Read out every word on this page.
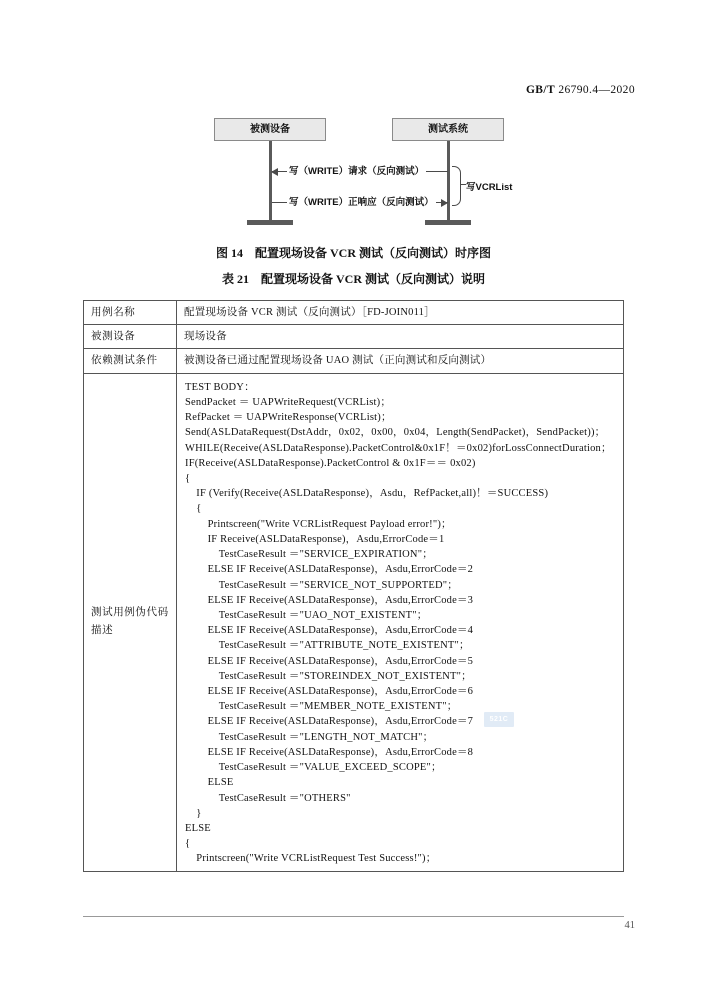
GB/T 26790.4—2020
被测设备	测试系统
写（WRITE）请求（反向测试）
写（WRITE）正响应（反向测试）
写VCRList
图 14　配置现场设备 VCR 测试（反向测试）时序图
表 21　配置现场设备 VCR 测试（反向测试）说明
用例名称	配置现场设备 VCR 测试（反向测试）［FD-JOIN011］
被测设备	现场设备
依赖测试条件	被测设备已通过配置现场设备 UAO 测试（正向测试和反向测试）
测试用例伪代码描述	
TEST BODY：
SendPacket ＝ UAPWriteRequest(VCRList)；
RefPacket ＝ UAPWriteResponse(VCRList)；
Send(ASLDataRequest(DstAddr，0x02，0x00，0x04，Length(SendPacket)，SendPacket))；
WHILE(Receive(ASLDataResponse).PacketControl&0x1F！＝0x02)forLossConnectDuration；
IF(Receive(ASLDataResponse).PacketControl & 0x1F＝＝ 0x02)
{
IF (Verify(Receive(ASLDataResponse)，Asdu，RefPacket,all)！＝SUCCESS)
{
Printscreen("Write VCRListRequest Payload error!")；
IF Receive(ASLDataResponse)，Asdu,ErrorCode＝1
TestCaseResult ＝"SERVICE_EXPIRATION"；
ELSE IF Receive(ASLDataResponse)，Asdu,ErrorCode＝2
TestCaseResult ＝"SERVICE_NOT_SUPPORTED"；
ELSE IF Receive(ASLDataResponse)，Asdu,ErrorCode＝3
TestCaseResult ＝"UAO_NOT_EXISTENT"；
ELSE IF Receive(ASLDataResponse)，Asdu,ErrorCode＝4
TestCaseResult ＝"ATTRIBUTE_NOTE_EXISTENT"；
ELSE IF Receive(ASLDataResponse)，Asdu,ErrorCode＝5
TestCaseResult ＝"STOREINDEX_NOT_EXISTENT"；
ELSE IF Receive(ASLDataResponse)，Asdu,ErrorCode＝6
TestCaseResult ＝"MEMBER_NOTE_EXISTENT"；
ELSE IF Receive(ASLDataResponse)，Asdu,ErrorCode＝7
TestCaseResult ＝"LENGTH_NOT_MATCH"；
ELSE IF Receive(ASLDataResponse)，Asdu,ErrorCode＝8
TestCaseResult ＝"VALUE_EXCEED_SCOPE"；
ELSE
TestCaseResult ＝"OTHERS"
}
ELSE
{
Printscreen("Write VCRListRequest Test Success!")；
521C
41
